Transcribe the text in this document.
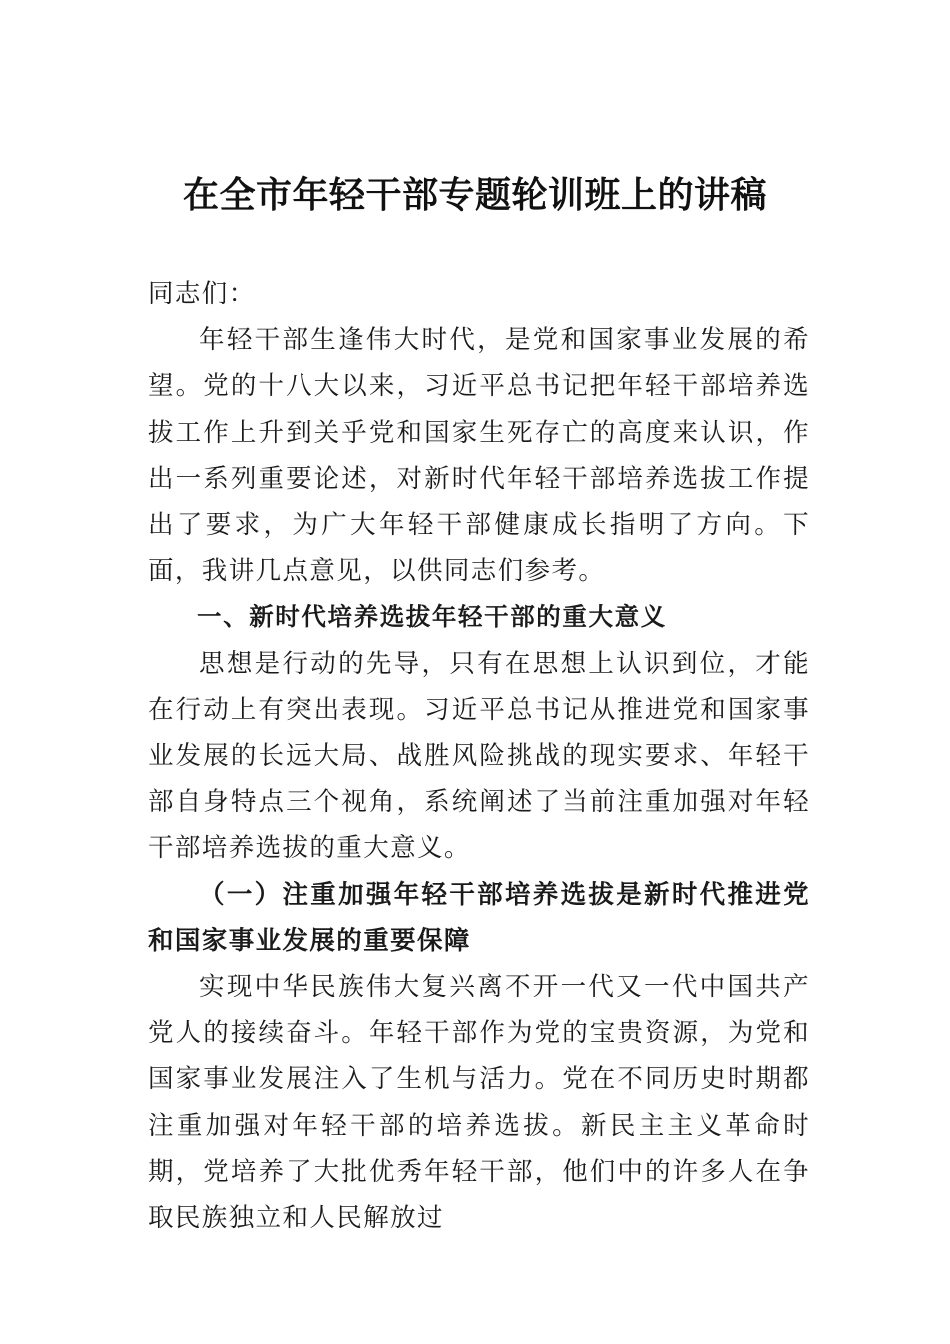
在全市年轻干部专题轮训班上的讲稿

同志们：

年轻干部生逢伟大时代，是党和国家事业发展的希望。党的十八大以来，习近平总书记把年轻干部培养选拔工作上升到关乎党和国家生死存亡的高度来认识，作出一系列重要论述，对新时代年轻干部培养选拔工作提出了要求，为广大年轻干部健康成长指明了方向。下面，我讲几点意见，以供同志们参考。

一、新时代培养选拔年轻干部的重大意义

思想是行动的先导，只有在思想上认识到位，才能在行动上有突出表现。习近平总书记从推进党和国家事业发展的长远大局、战胜风险挑战的现实要求、年轻干部自身特点三个视角，系统阐述了当前注重加强对年轻干部培养选拔的重大意义。

（一）注重加强年轻干部培养选拔是新时代推进党和国家事业发展的重要保障

实现中华民族伟大复兴离不开一代又一代中国共产党人的接续奋斗。年轻干部作为党的宝贵资源，为党和国家事业发展注入了生机与活力。党在不同历史时期都注重加强对年轻干部的培养选拔。新民主主义革命时期，党培养了大批优秀年轻干部，他们中的许多人在争取民族独立和人民解放过
